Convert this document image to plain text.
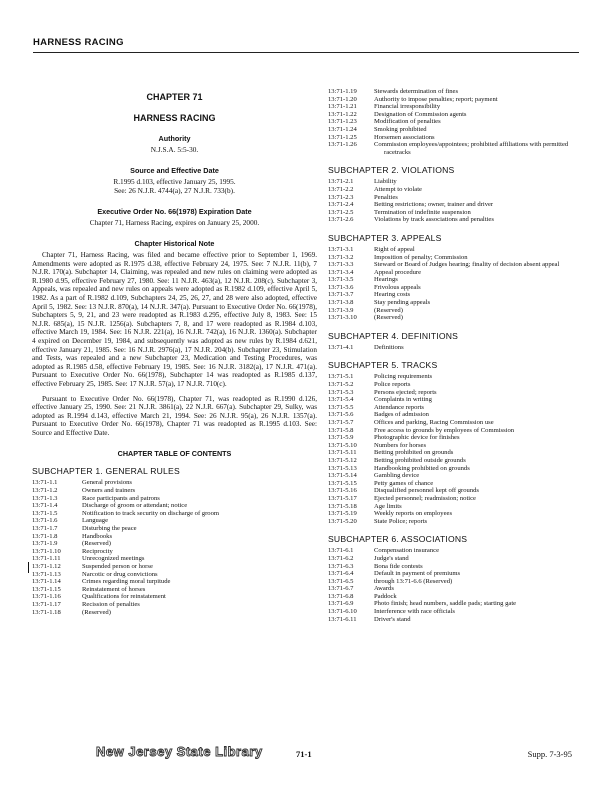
HARNESS RACING
CHAPTER 71
HARNESS RACING
Authority
N.J.S.A. 5:5-30.
Source and Effective Date
R.1995 d.103, effective January 25, 1995.
See: 26 N.J.R. 4744(a), 27 N.J.R. 733(b).
Executive Order No. 66(1978) Expiration Date
Chapter 71, Harness Racing, expires on January 25, 2000.
Chapter Historical Note

Chapter 71, Harness Racing, was filed and became effective prior to September 1, 1969. Amendments were adopted as R.1975 d.38, effective February 24, 1975. See: 7 N.J.R. 11(b), 7 N.J.R. 170(a). Subchapter 14, Claiming, was repealed and new rules on claiming were adopted as R.1980 d.95, effective February 27, 1980. See: 11 N.J.R. 463(a), 12 N.J.R. 208(c). Subchapter 3, Appeals, was repealed and new rules on appeals were adopted as R.1982 d.109, effective April 5, 1982. As a part of R.1982 d.109, Subchapters 24, 25, 26, 27, and 28 were also adopted, effective April 5, 1982. See: 13 N.J.R. 870(a), 14 N.J.R. 347(a). Pursuant to Executive Order No. 66(1978), Subchapters 5, 9, 21, and 23 were readopted as R.1983 d.295, effective July 8, 1983. See: 15 N.J.R. 685(a), 15 N.J.R. 1256(a). Subchapters 7, 8, and 17 were readopted as R.1984 d.103, effective March 19, 1984. See: 16 N.J.R. 221(a), 16 N.J.R. 742(a), 16 N.J.R. 1360(a). Subchapter 4 expired on December 19, 1984, and subsequently was adopted as new rules by R.1984 d.621, effective January 21, 1985. See: 16 N.J.R. 2976(a), 17 N.J.R. 204(b). Subchapter 23, Stimulation and Tests, was repealed and a new Subchapter 23, Medication and Testing Procedures, was adopted as R.1985 d.58, effective February 19, 1985. See: 16 N.J.R. 3182(a), 17 N.J.R. 471(a). Pursuant to Executive Order No. 66(1978), Subchapter 14 was readopted as R.1985 d.137, effective February 25, 1985. See: 17 N.J.R. 57(a), 17 N.J.R. 710(c).

Pursuant to Executive Order No. 66(1978), Chapter 71, was readopted as R.1990 d.126, effective January 25, 1990. See: 21 N.J.R. 3861(a), 22 N.J.R. 667(a). Subchapter 29, Sulky, was adopted as R.1994 d.143, effective March 21, 1994. See: 26 N.J.R. 95(a), 26 N.J.R. 1357(a). Pursuant to Executive Order No. 66(1978), Chapter 71 was readopted as R.1995 d.103. See: Source and Effective Date.

CHAPTER TABLE OF CONTENTS
SUBCHAPTER 1. GENERAL RULES
13:71-1.1	General provisions
13:71-1.2	Owners and trainers
13:71-1.3	Race participants and patrons
13:71-1.4	Discharge of groom or attendant; notice
13:71-1.5	Notification to track security on discharge of groom
13:71-1.6	Language
13:71-1.7	Disturbing the peace
13:71-1.8	Handbooks
13:71-1.9	(Reserved)
13:71-1.10	Reciprocity
13:71-1.11	Unrecognized meetings
13:71-1.12	Suspended person or horse
13:71-1.13	Narcotic or drug convictions
13:71-1.14	Crimes regarding moral turpitude
13:71-1.15	Reinstatement of horses
13:71-1.16	Qualifications for reinstatement
13:71-1.17	Recission of penalties
13:71-1.18	(Reserved)
13:71-1.19	Stewards determination of fines
13:71-1.20	Authority to impose penalties; report; payment
13:71-1.21	Financial irresponsibility
13:71-1.22	Designation of Commission agents
13:71-1.23	Modification of penalties
13:71-1.24	Smoking prohibited
13:71-1.25	Horsemen associations
13:71-1.26	Commission employees/appointees; prohibited affiliations with permitted racetracks
SUBCHAPTER 2. VIOLATIONS
13:71-2.1	Liability
13:71-2.2	Attempt to violate
13:71-2.3	Penalties
13:71-2.4	Betting restrictions; owner, trainer and driver
13:71-2.5	Termination of indefinite suspension
13:71-2.6	Violations by track associations and penalties
SUBCHAPTER 3. APPEALS
13:71-3.1	Right of appeal
13:71-3.2	Imposition of penalty; Commission
13:71-3.3	Steward or Board of Judges hearing; finality of decision absent appeal
13:71-3.4	Appeal procedure
13:71-3.5	Hearings
13:71-3.6	Frivolous appeals
13:71-3.7	Hearing costs
13:71-3.8	Stay pending appeals
13:71-3.9	(Reserved)
13:71-3.10	(Reserved)
SUBCHAPTER 4. DEFINITIONS
13:71-4.1	Definitions
SUBCHAPTER 5. TRACKS
13:71-5.1	Policing requirements
13:71-5.2	Police reports
13:71-5.3	Persons ejected; reports
13:71-5.4	Complaints in writing
13:71-5.5	Attendance reports
13:71-5.6	Badges of admission
13:71-5.7	Offices and parking, Racing Commission use
13:71-5.8	Free access to grounds by employees of Commission
13:71-5.9	Photographic device for finishes
13:71-5.10	Numbers for horses
13:71-5.11	Betting prohibited on grounds
13:71-5.12	Betting prohibited outside grounds
13:71-5.13	Handbooking prohibited on grounds
13:71-5.14	Gambling device
13:71-5.15	Petty games of chance
13:71-5.16	Disqualified personnel kept off grounds
13:71-5.17	Ejected personnel; readmission; notice
13:71-5.18	Age limits
13:71-5.19	Weekly reports on employees
13:71-5.20	State Police; reports
SUBCHAPTER 6. ASSOCIATIONS
13:71-6.1	Compensation insurance
13:71-6.2	Judge's stand
13:71-6.3	Bona fide contests
13:71-6.4	Default in payment of premiums
13:71-6.5	through 13:71-6.6 (Reserved)
13:71-6.7	Awards
13:71-6.8	Paddock
13:71-6.9	Photo finish; head numbers, saddle pads; starting gate
13:71-6.10	Interference with race officials
13:71-6.11	Driver's stand
New Jersey State Library	71-1	Supp. 7-3-95
